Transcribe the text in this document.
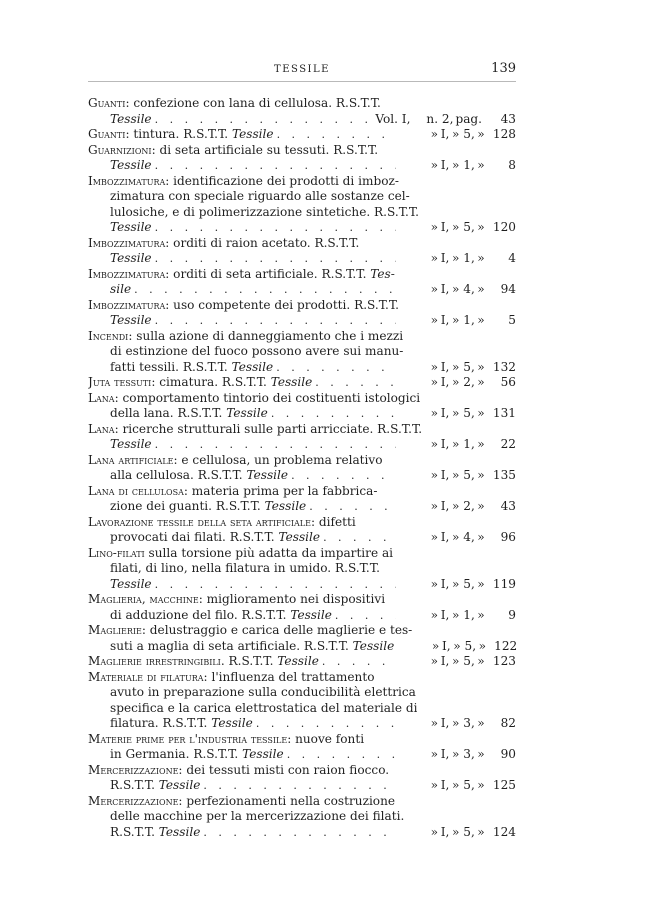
TESSILE	139
Guanti: confezione con lana di cellulosa. R.S.T.T.
Tessile . . .	Vol. I, n. 2, pag.	43
Guanti: tintura. R.S.T.T. Tessile . . .	» I, » 5, » 128
Guarnizioni: di seta artificiale su tessuti. R.S.T.T.
Tessile . . .	» I, » 1, »	8
Imbozzimatura: identificazione dei prodotti di imboz-
zimatura con speciale riguardo alle sostanze cel-
lulosiche, e di polimerizzazione sintetiche. R.S.T.T.
Tessile . . .	» I, » 5, » 120
Imbozzimatura: orditi di raion acetato. R.S.T.T.
Tessile . . .	» I, » 1, »	4
Imbozzimatura: orditi di seta artificiale. R.S.T.T. Tes-
sile . . .	» I, » 4, »	94
Imbozzimatura: uso competente dei prodotti. R.S.T.T.
Tessile . . .	» I, » 1, »	5
Incendi: sulla azione di danneggiamento che i mezzi
di estinzione del fuoco possono avere sui manu-
fatti tessili. R.S.T.T. Tessile . . .	» I, » 5, » 132
Juta tessuti: cimatura. R.S.T.T. Tessile . . .	» I, » 2, »	56
Lana: comportamento tintorio dei costituenti istologici
della lana. R.S.T.T. Tessile . . .	» I, » 5, » 131
Lana: ricerche strutturali sulle parti arricciate. R.S.T.T.
Tessile . . .	» I, » 1, »	22
Lana artificiale: e cellulosa, un problema relativo
alla cellulosa. R.S.T.T. Tessile . . .	» I, » 5, » 135
Lana di cellulosa: materia prima per la fabbrica-
zione dei guanti. R.S.T.T. Tessile . . .	» I, » 2, »	43
Lavorazione tessile della seta artificiale: difetti
provocati dai filati. R.S.T.T. Tessile . . .	» I, » 4, »	96
Lino-filati sulla torsione più adatta da impartire ai
filati, di lino, nella filatura in umido. R.S.T.T.
Tessile . . .	» I, » 5, » 119
Maglieria, macchine: miglioramento nei dispositivi
di adduzione del filo. R.S.T.T. Tessile . . .	» I, » 1, »	9
Maglierie: delustraggio e carica delle maglierie e tes-
suti a maglia di seta artificiale. R.S.T.T. Tessile	» I, » 5, » 122
Maglierie irrestringibili. R.S.T.T. Tessile . . .	» I, » 5, » 123
Materiale di filatura: l'influenza del trattamento
avuto in preparazione sulla conducibilità elettrica
specifica e la carica elettrostatica del materiale di
filatura. R.S.T.T. Tessile . . .	» I, » 3, »	82
Materie prime per l'industria tessile: nuove fonti
in Germania. R.S.T.T. Tessile . . .	» I, » 3, »	90
Mercerizzazione: dei tessuti misti con raion fiocco.
R.S.T.T. Tessile . . .	» I, » 5, » 125
Mercerizzazione: perfezionamenti nella costruzione
delle macchine per la mercerizzazione dei filati.
R.S.T.T. Tessile . . .	» I, » 5, » 124
